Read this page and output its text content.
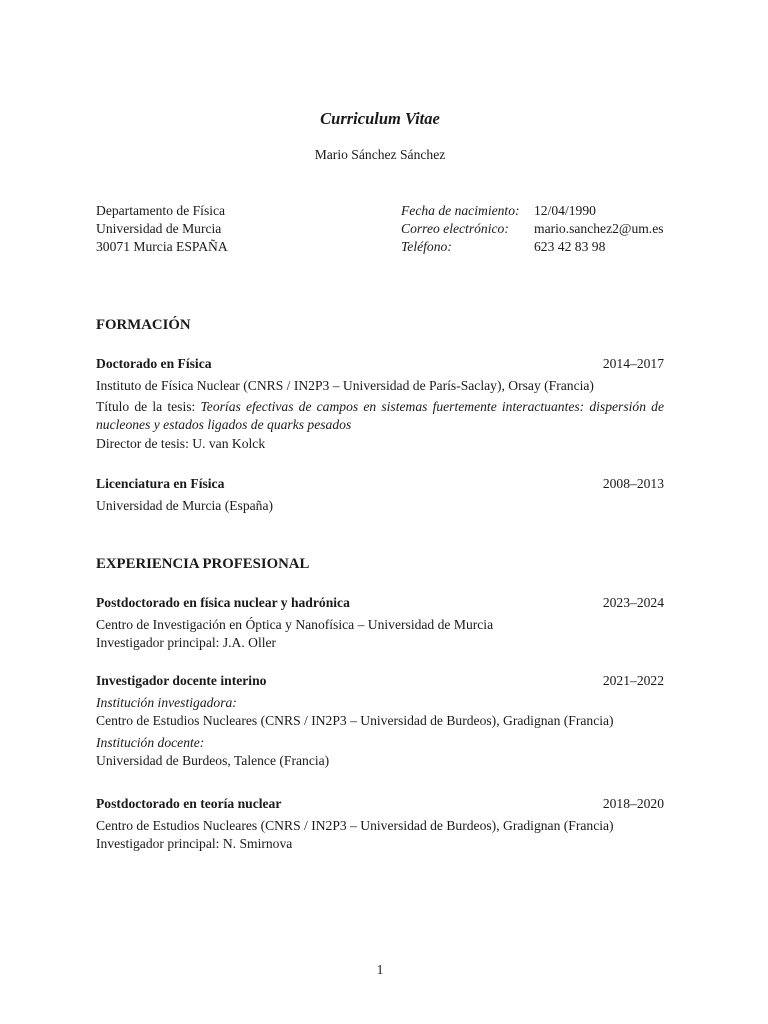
Curriculum Vitae
Mario Sánchez Sánchez
Departamento de Física
Universidad de Murcia
30071 Murcia ESPAÑA
Fecha de nacimiento:	12/04/1990
Correo electrónico:	mario.sanchez2@um.es
Teléfono:	623 42 83 98
FORMACIÓN
Doctorado en Física	2014–2017
Instituto de Física Nuclear (CNRS / IN2P3 – Universidad de París-Saclay), Orsay (Francia)
Título de la tesis: Teorías efectivas de campos en sistemas fuertemente interactuantes: dispersión de nucleones y estados ligados de quarks pesados
Director de tesis: U. van Kolck
Licenciatura en Física	2008–2013
Universidad de Murcia (España)
EXPERIENCIA PROFESIONAL
Postdoctorado en física nuclear y hadrónica	2023–2024
Centro de Investigación en Óptica y Nanofísica – Universidad de Murcia
Investigador principal: J.A. Oller
Investigador docente interino	2021–2022
Institución investigadora:
Centro de Estudios Nucleares (CNRS / IN2P3 – Universidad de Burdeos), Gradignan (Francia)
Institución docente:
Universidad de Burdeos, Talence (Francia)
Postdoctorado en teoría nuclear	2018–2020
Centro de Estudios Nucleares (CNRS / IN2P3 – Universidad de Burdeos), Gradignan (Francia)
Investigador principal: N. Smirnova
1
